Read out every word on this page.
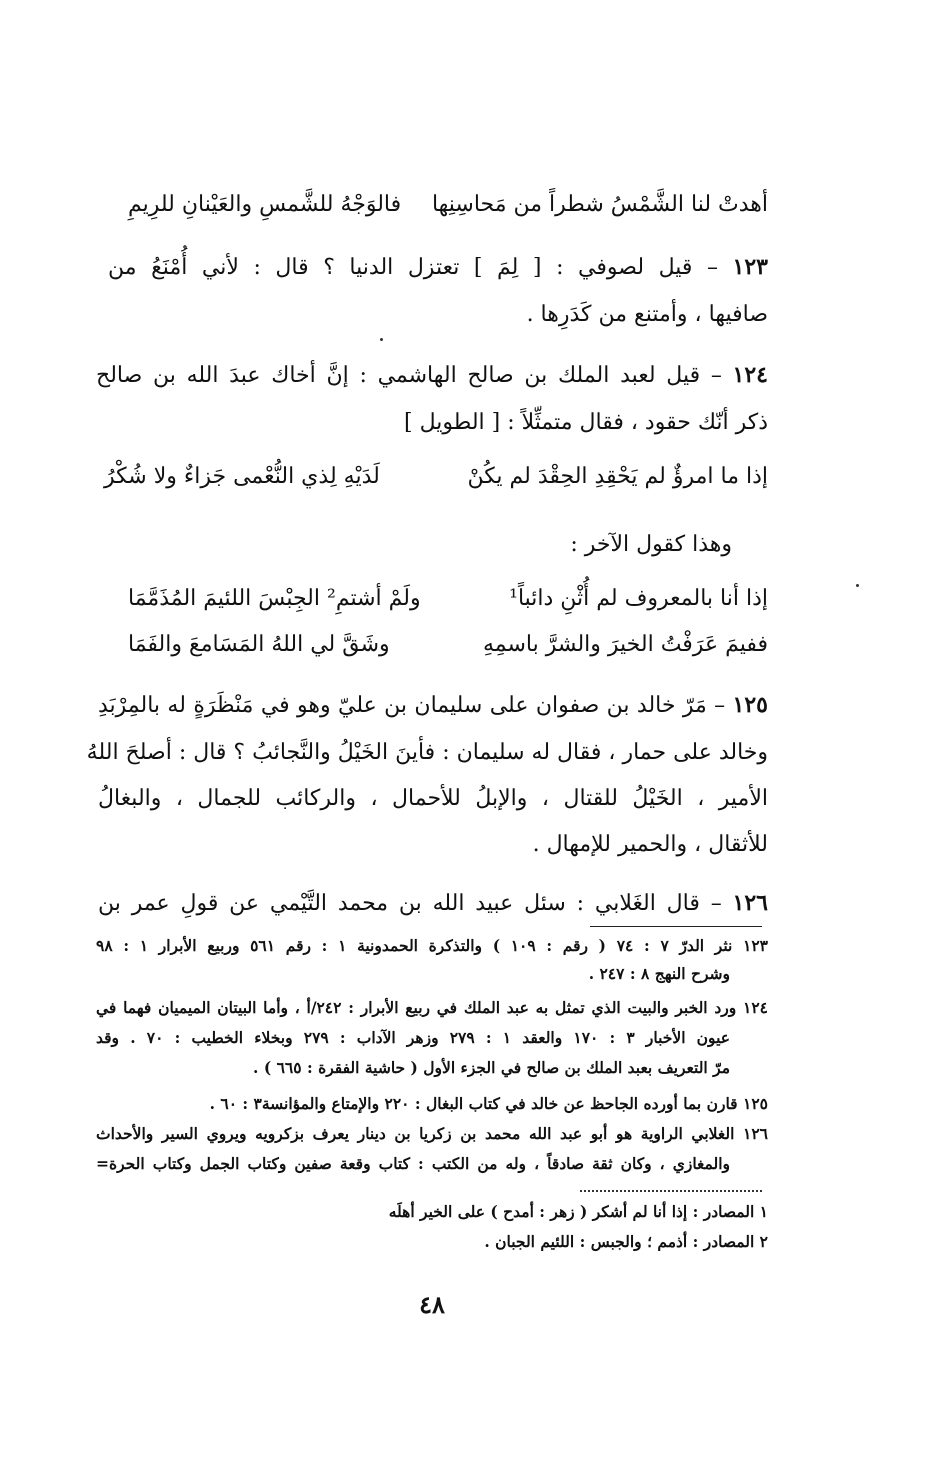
أهدتْ لنا الشَّمْسُ شطراً من مَحاسِنِها
فالوَجْهُ للشَّمسِ والعَيْنانِ للرِيمِ
١٢٣ – قيل لصوفي : [ لِمَ ] تعتزل الدنيا ؟ قال : لأني أُمْنَعُ من
صافيها ، وأمتنع من كَدَرِها .
١٢٤ – قيل لعبد الملك بن صالح الهاشمي : إنَّ أخاك عبدَ الله بن صالح
ذكر أنّك حقود ، فقال متمثِّلاً : [ الطويل ]
إذا ما امرؤٌ لم يَحْقِدِ الحِقْدَ لم يكُنْ
لَدَيْهِ لِذي النُّعْمى جَزاءٌ ولا شُكْرُ
وهذا كقول الآخر :
إذا أنا بالمعروف لم أُثْنِ دائباً¹
ولَمْ أشتمِ² الجِبْسَ اللئيمَ المُذَمَّمَا
ففيمَ عَرَفْتُ الخيرَ والشرَّ باسمِهِ
وشَقَّ لي اللهُ المَسَامعَ والفَمَا
١٢٥ – مَرّ خالد بن صفوان على سليمان بن عليّ وهو في مَنْظَرَةٍ له بالمِرْبَدِ
وخالد على حمار ، فقال له سليمان : فأينَ الخَيْلُ والنَّجائبُ ؟ قال : أصلحَ اللهُ
الأمير ، الخَيْلُ للقتال ، والإبلُ للأحمال ، والركائب للجمال ، والبغالُ
للأثقال ، والحمير للإمهال .
١٢٦ – قال الغَلابي : سئل عبيد الله بن محمد التَّيْمي عن قولِ عمر بن
١٢٣ نثر الدرّ ٧ : ٧٤ ( رقم : ١٠٩ ) والتذكرة الحمدونية ١ : رقم ٥٦١ وربيع الأبرار ١ : ٩٨
وشرح النهج ٨ : ٢٤٧ .
١٢٤ ورد الخبر والبيت الذي تمثل به عبد الملك في ربيع الأبرار : ٢٤٢/أ ، وأما البيتان الميميان فهما في
عيون الأخبار ٣ : ١٧٠ والعقد ١ : ٢٧٩ وزهر الآداب : ٢٧٩ وبخلاء الخطيب : ٧٠ . وقد
مرّ التعريف بعبد الملك بن صالح في الجزء الأول ( حاشية الفقرة : ٦٦٥ ) .
١٢٥ قارن بما أورده الجاحظ عن خالد في كتاب البغال : ٢٢٠ والإمتاع والمؤانسة٣ : ٦٠ .
١٢٦ الغلابي الراوية هو أبو عبد الله محمد بن زكريا بن دينار يعرف بزكرويه ويروي السير والأحداث
والمغازي ، وكان ثقة صادقاً ، وله من الكتب : كتاب وقعة صفين وكتاب الجمل وكتاب الحرة=
١ المصادر : إذا أنا لم أشكر ( زهر : أمدح ) على الخير أهلَه
٢ المصادر : أذمم ؛ والجبس : اللئيم الجبان .
٤٨
